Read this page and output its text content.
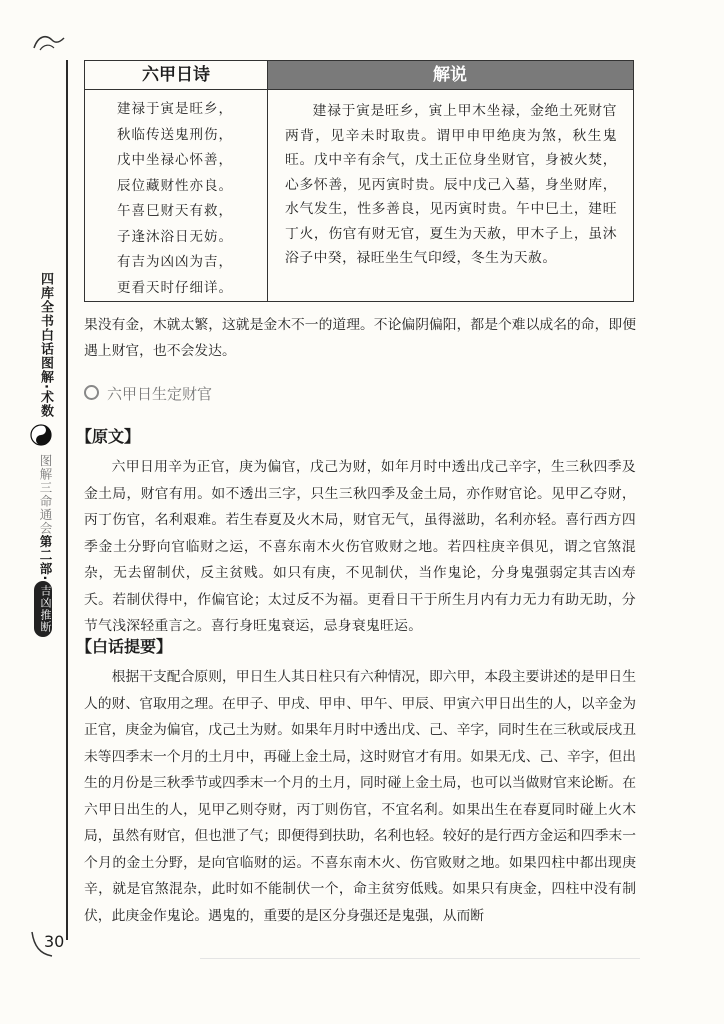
30
四库全书白话图解·术数
图解三命通会第二部·吉凶推断
六甲日诗	解说
建禄于寅是旺乡，
秋临传送鬼刑伤，
戊中坐禄心怀善，
辰位藏财性亦良。
午喜巳财天有救，
子逢沐浴日无妨。
有吉为凶凶为吉，
更看天时仔细详。
建禄于寅是旺乡，寅上甲木坐禄，金绝土死财官两背，见辛未时取贵。谓甲申甲绝庚为煞，秋生鬼旺。戊中辛有余气，戊土正位身坐财官，身被火焚，心多怀善，见丙寅时贵。辰中戊己入墓，身坐财库，水气发生，性多善良，见丙寅时贵。午中巳土，建旺丁火，伤官有财无官，夏生为天赦，甲木子上，虽沐浴子中癸，禄旺坐生气印绶，冬生为天赦。
果没有金，木就太繁，这就是金木不一的道理。不论偏阴偏阳，都是个难以成名的命，即便遇上财官，也不会发达。
六甲日生定财官
【原文】
六甲日用辛为正官，庚为偏官，戊己为财，如年月时中透出戊己辛字，生三秋四季及金土局，财官有用。如不透出三字，只生三秋四季及金土局，亦作财官论。见甲乙夺财，丙丁伤官，名利艰难。若生春夏及火木局，财官无气，虽得滋助，名利亦轻。喜行西方四季金土分野向官临财之运，不喜东南木火伤官败财之地。若四柱庚辛俱见，谓之官煞混杂，无去留制伏，反主贫贱。如只有庚，不见制伏，当作鬼论，分身鬼强弱定其吉凶寿夭。若制伏得中，作偏官论；太过反不为福。更看日干于所生月内有力无力有助无助，分节气浅深轻重言之。喜行身旺鬼衰运，忌身衰鬼旺运。
【白话提要】
根据干支配合原则，甲日生人其日柱只有六种情况，即六甲，本段主要讲述的是甲日生人的财、官取用之理。在甲子、甲戌、甲申、甲午、甲辰、甲寅六甲日出生的人，以辛金为正官，庚金为偏官，戊己土为财。如果年月时中透出戊、己、辛字，同时生在三秋或辰戌丑未等四季末一个月的土月中，再碰上金土局，这时财官才有用。如果无戊、己、辛字，但出生的月份是三秋季节或四季末一个月的土月，同时碰上金土局，也可以当做财官来论断。在六甲日出生的人，见甲乙则夺财，丙丁则伤官，不宜名利。如果出生在春夏同时碰上火木局，虽然有财官，但也泄了气；即便得到扶助，名利也轻。较好的是行西方金运和四季末一个月的金土分野，是向官临财的运。不喜东南木火、伤官败财之地。如果四柱中都出现庚辛，就是官煞混杂，此时如不能制伏一个，命主贫穷低贱。如果只有庚金，四柱中没有制伏，此庚金作鬼论。遇鬼的，重要的是区分身强还是鬼强，从而断
